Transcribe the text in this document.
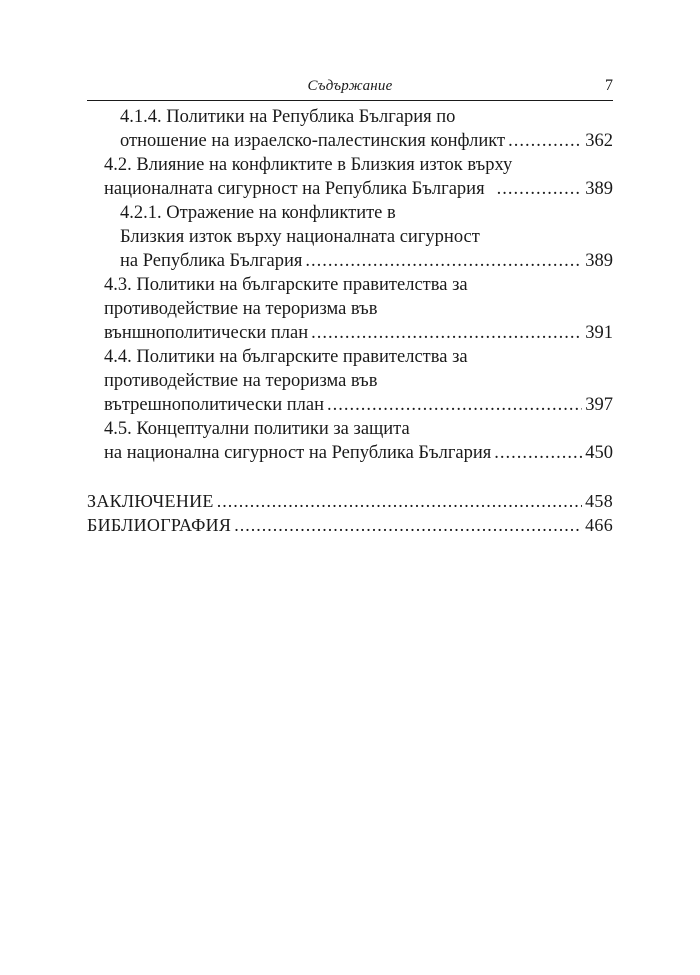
Съдържание	7
4.1.4. Политики на Република България по
отношение на израелско-палестинския конфликт .....	362
4.2. Влияние на конфликтите в Близкия изток върху
националната сигурност на Република България .....	389
4.2.1. Отражение на конфликтите в
Близкия изток върху националната сигурност
на Република България .....	389
4.3. Политики на българските правителства за
противодействие на тероризма във
външнополитически план .....	391
4.4. Политики на българските правителства за
противодействие на тероризма във
вътрешнополитически план .....	397
4.5. Концептуални политики за защита
на национална сигурност на Република България .....	450
ЗАКЛЮЧЕНИЕ .....	458
БИБЛИОГРАФИЯ .....	466
